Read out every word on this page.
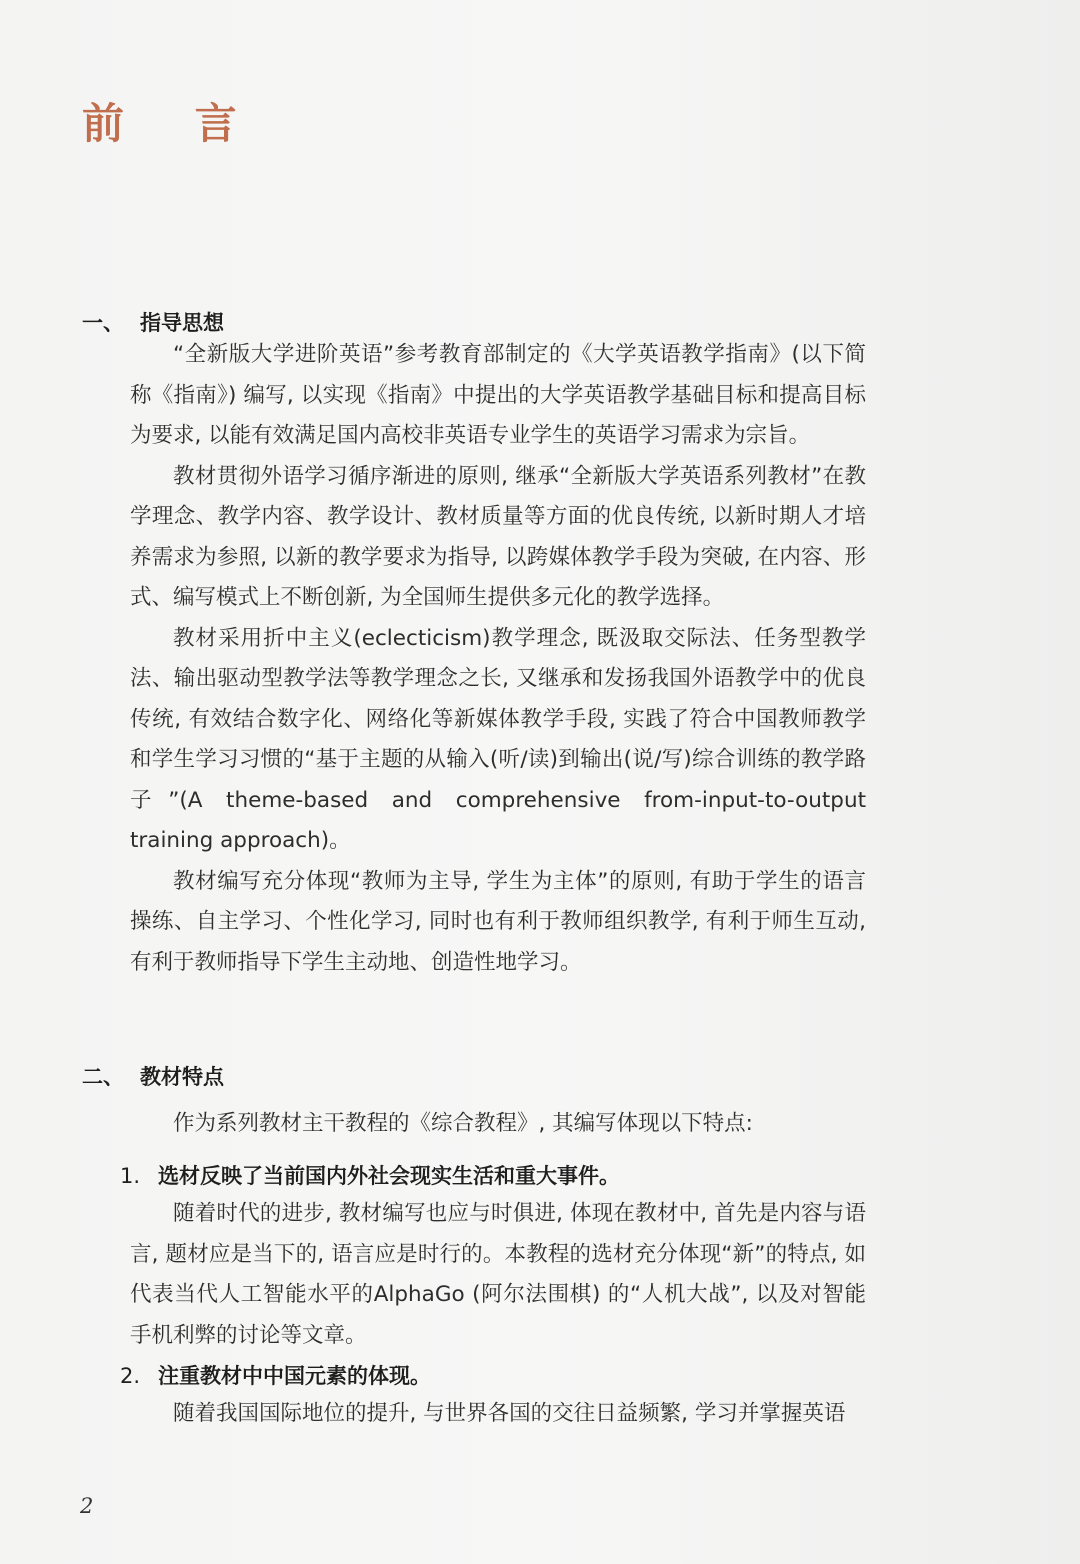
前 言
一、 指导思想

“全新版大学进阶英语”参考教育部制定的《大学英语教学指南》(以下简称《指南》) 编写, 以实现《指南》中提出的大学英语教学基础目标和提高目标为要求, 以能有效满足国内高校非英语专业学生的英语学习需求为宗旨。

教材贯彻外语学习循序渐进的原则, 继承“全新版大学英语系列教材”在教学理念、教学内容、教学设计、教材质量等方面的优良传统, 以新时期人才培养需求为参照, 以新的教学要求为指导, 以跨媒体教学手段为突破, 在内容、形式、编写模式上不断创新, 为全国师生提供多元化的教学选择。

教材采用折中主义(eclecticism)教学理念, 既汲取交际法、任务型教学法、输出驱动型教学法等教学理念之长, 又继承和发扬我国外语教学中的优良传统, 有效结合数字化、网络化等新媒体教学手段, 实践了符合中国教师教学和学生学习习惯的“基于主题的从输入(听/读)到输出(说/写)综合训练的教学路子”(A theme-based and comprehensive from-input-to-output training approach)。

教材编写充分体现“教师为主导, 学生为主体”的原则, 有助于学生的语言操练、自主学习、个性化学习, 同时也有利于教师组织教学, 有利于师生互动, 有利于教师指导下学生主动地、创造性地学习。

二、 教材特点

作为系列教材主干教程的《综合教程》, 其编写体现以下特点:

1. 选材反映了当前国内外社会现实生活和重大事件。

随着时代的进步, 教材编写也应与时俱进, 体现在教材中, 首先是内容与语言, 题材应是当下的, 语言应是时行的。本教程的选材充分体现“新”的特点, 如代表当代人工智能水平的AlphaGo (阿尔法围棋) 的“人机大战”, 以及对智能手机利弊的讨论等文章。

2. 注重教材中中国元素的体现。

随着我国国际地位的提升, 与世界各国的交往日益频繁, 学习并掌握英语

2
